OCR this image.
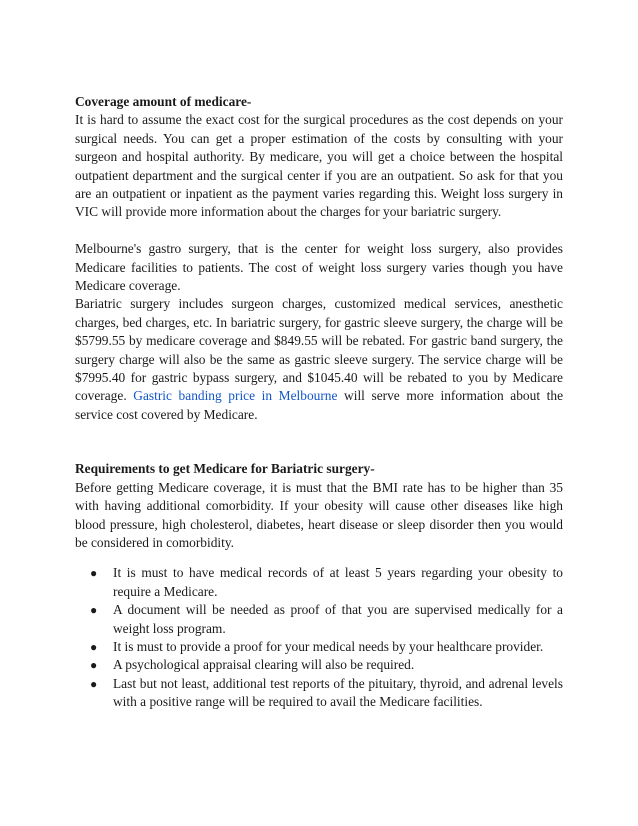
Coverage amount of medicare-

It is hard to assume the exact cost for the surgical procedures as the cost depends on your surgical needs. You can get a proper estimation of the costs by consulting with your surgeon and hospital authority. By medicare, you will get a choice between the hospital outpatient department and the surgical center if you are an outpatient. So ask for that you are an outpatient or inpatient as the payment varies regarding this. Weight loss surgery in VIC will provide more information about the charges for your bariatric surgery.

Melbourne's gastro surgery, that is the center for weight loss surgery, also provides Medicare facilities to patients. The cost of weight loss surgery varies though you have Medicare coverage.

Bariatric surgery includes surgeon charges, customized medical services, anesthetic charges, bed charges, etc. In bariatric surgery, for gastric sleeve surgery, the charge will be $5799.55 by medicare coverage and $849.55 will be rebated. For gastric band surgery, the surgery charge will also be the same as gastric sleeve surgery. The service charge will be $7995.40 for gastric bypass surgery, and $1045.40 will be rebated to you by Medicare coverage. Gastric banding price in Melbourne will serve more information about the service cost covered by Medicare.

Requirements to get Medicare for Bariatric surgery-

Before getting Medicare coverage, it is must that the BMI rate has to be higher than 35 with having additional comorbidity. If your obesity will cause other diseases like high blood pressure, high cholesterol, diabetes, heart disease or sleep disorder then you would be considered in comorbidity.

● It is must to have medical records of at least 5 years regarding your obesity to require a Medicare.
● A document will be needed as proof of that you are supervised medically for a weight loss program.
● It is must to provide a proof for your medical needs by your healthcare provider.
● A psychological appraisal clearing will also be required.
● Last but not least, additional test reports of the pituitary, thyroid, and adrenal levels with a positive range will be required to avail the Medicare facilities.
